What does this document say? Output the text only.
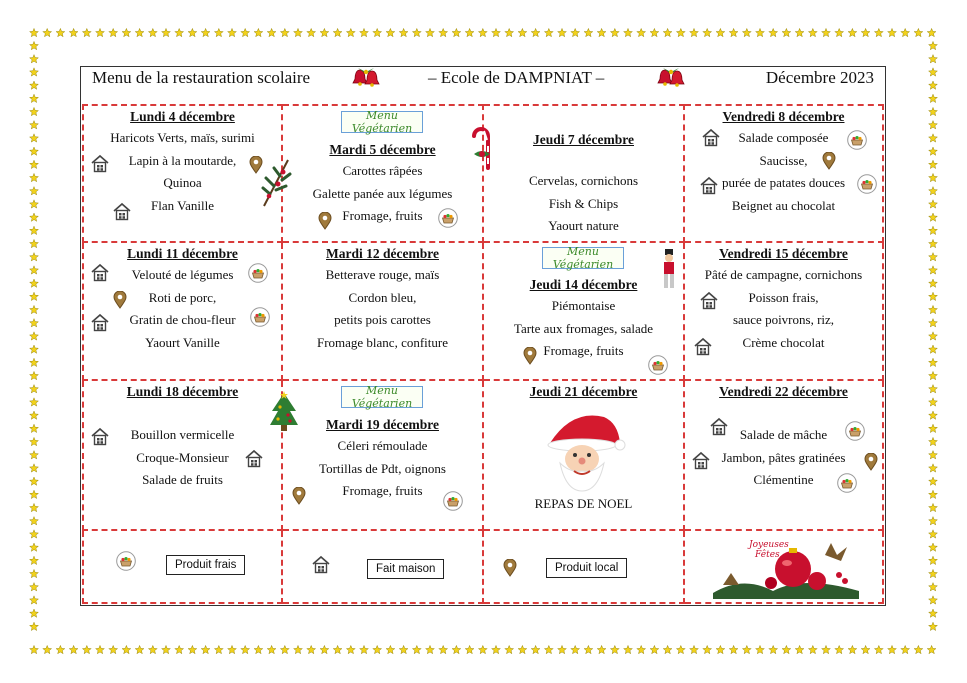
Menu de la restauration scolaire	– Ecole de DAMPNIAT –	Décembre 2023
Lundi 4 décembre
Haricots Verts, maïs, surimi
Lapin à la moutarde,
Quinoa
Flan Vanille
Menu Végétarien
Mardi 5 décembre
Carottes râpées
Galette panée aux légumes
Fromage, fruits
Jeudi 7 décembre
Cervelas, cornichons
Fish & Chips
Yaourt nature
Vendredi 8 décembre
Salade composée
Saucisse,
purée de patates douces
Beignet au chocolat
Lundi 11 décembre
Velouté de légumes
Roti de porc,
Gratin de chou-fleur
Yaourt Vanille
Mardi 12 décembre
Betterave rouge, maïs
Cordon bleu,
petits pois carottes
Fromage blanc, confiture
Menu Végétarien
Jeudi 14 décembre
Piémontaise
Tarte aux fromages, salade
Fromage, fruits
Vendredi 15 décembre
Pâté de campagne, cornichons
Poisson frais,
sauce poivrons, riz,
Crème chocolat
Lundi 18 décembre
Bouillon vermicelle
Croque-Monsieur
Salade de fruits
Menu Végétarien
Mardi 19 décembre
Céleri rémoulade
Tortillas de Pdt, oignons
Fromage, fruits
Jeudi 21 décembre
REPAS DE NOEL
Vendredi 22 décembre
Salade de mâche
Jambon, pâtes gratinées
Clémentine
Produit frais	Fait maison	Produit local
Joyeuses
Fêtes
